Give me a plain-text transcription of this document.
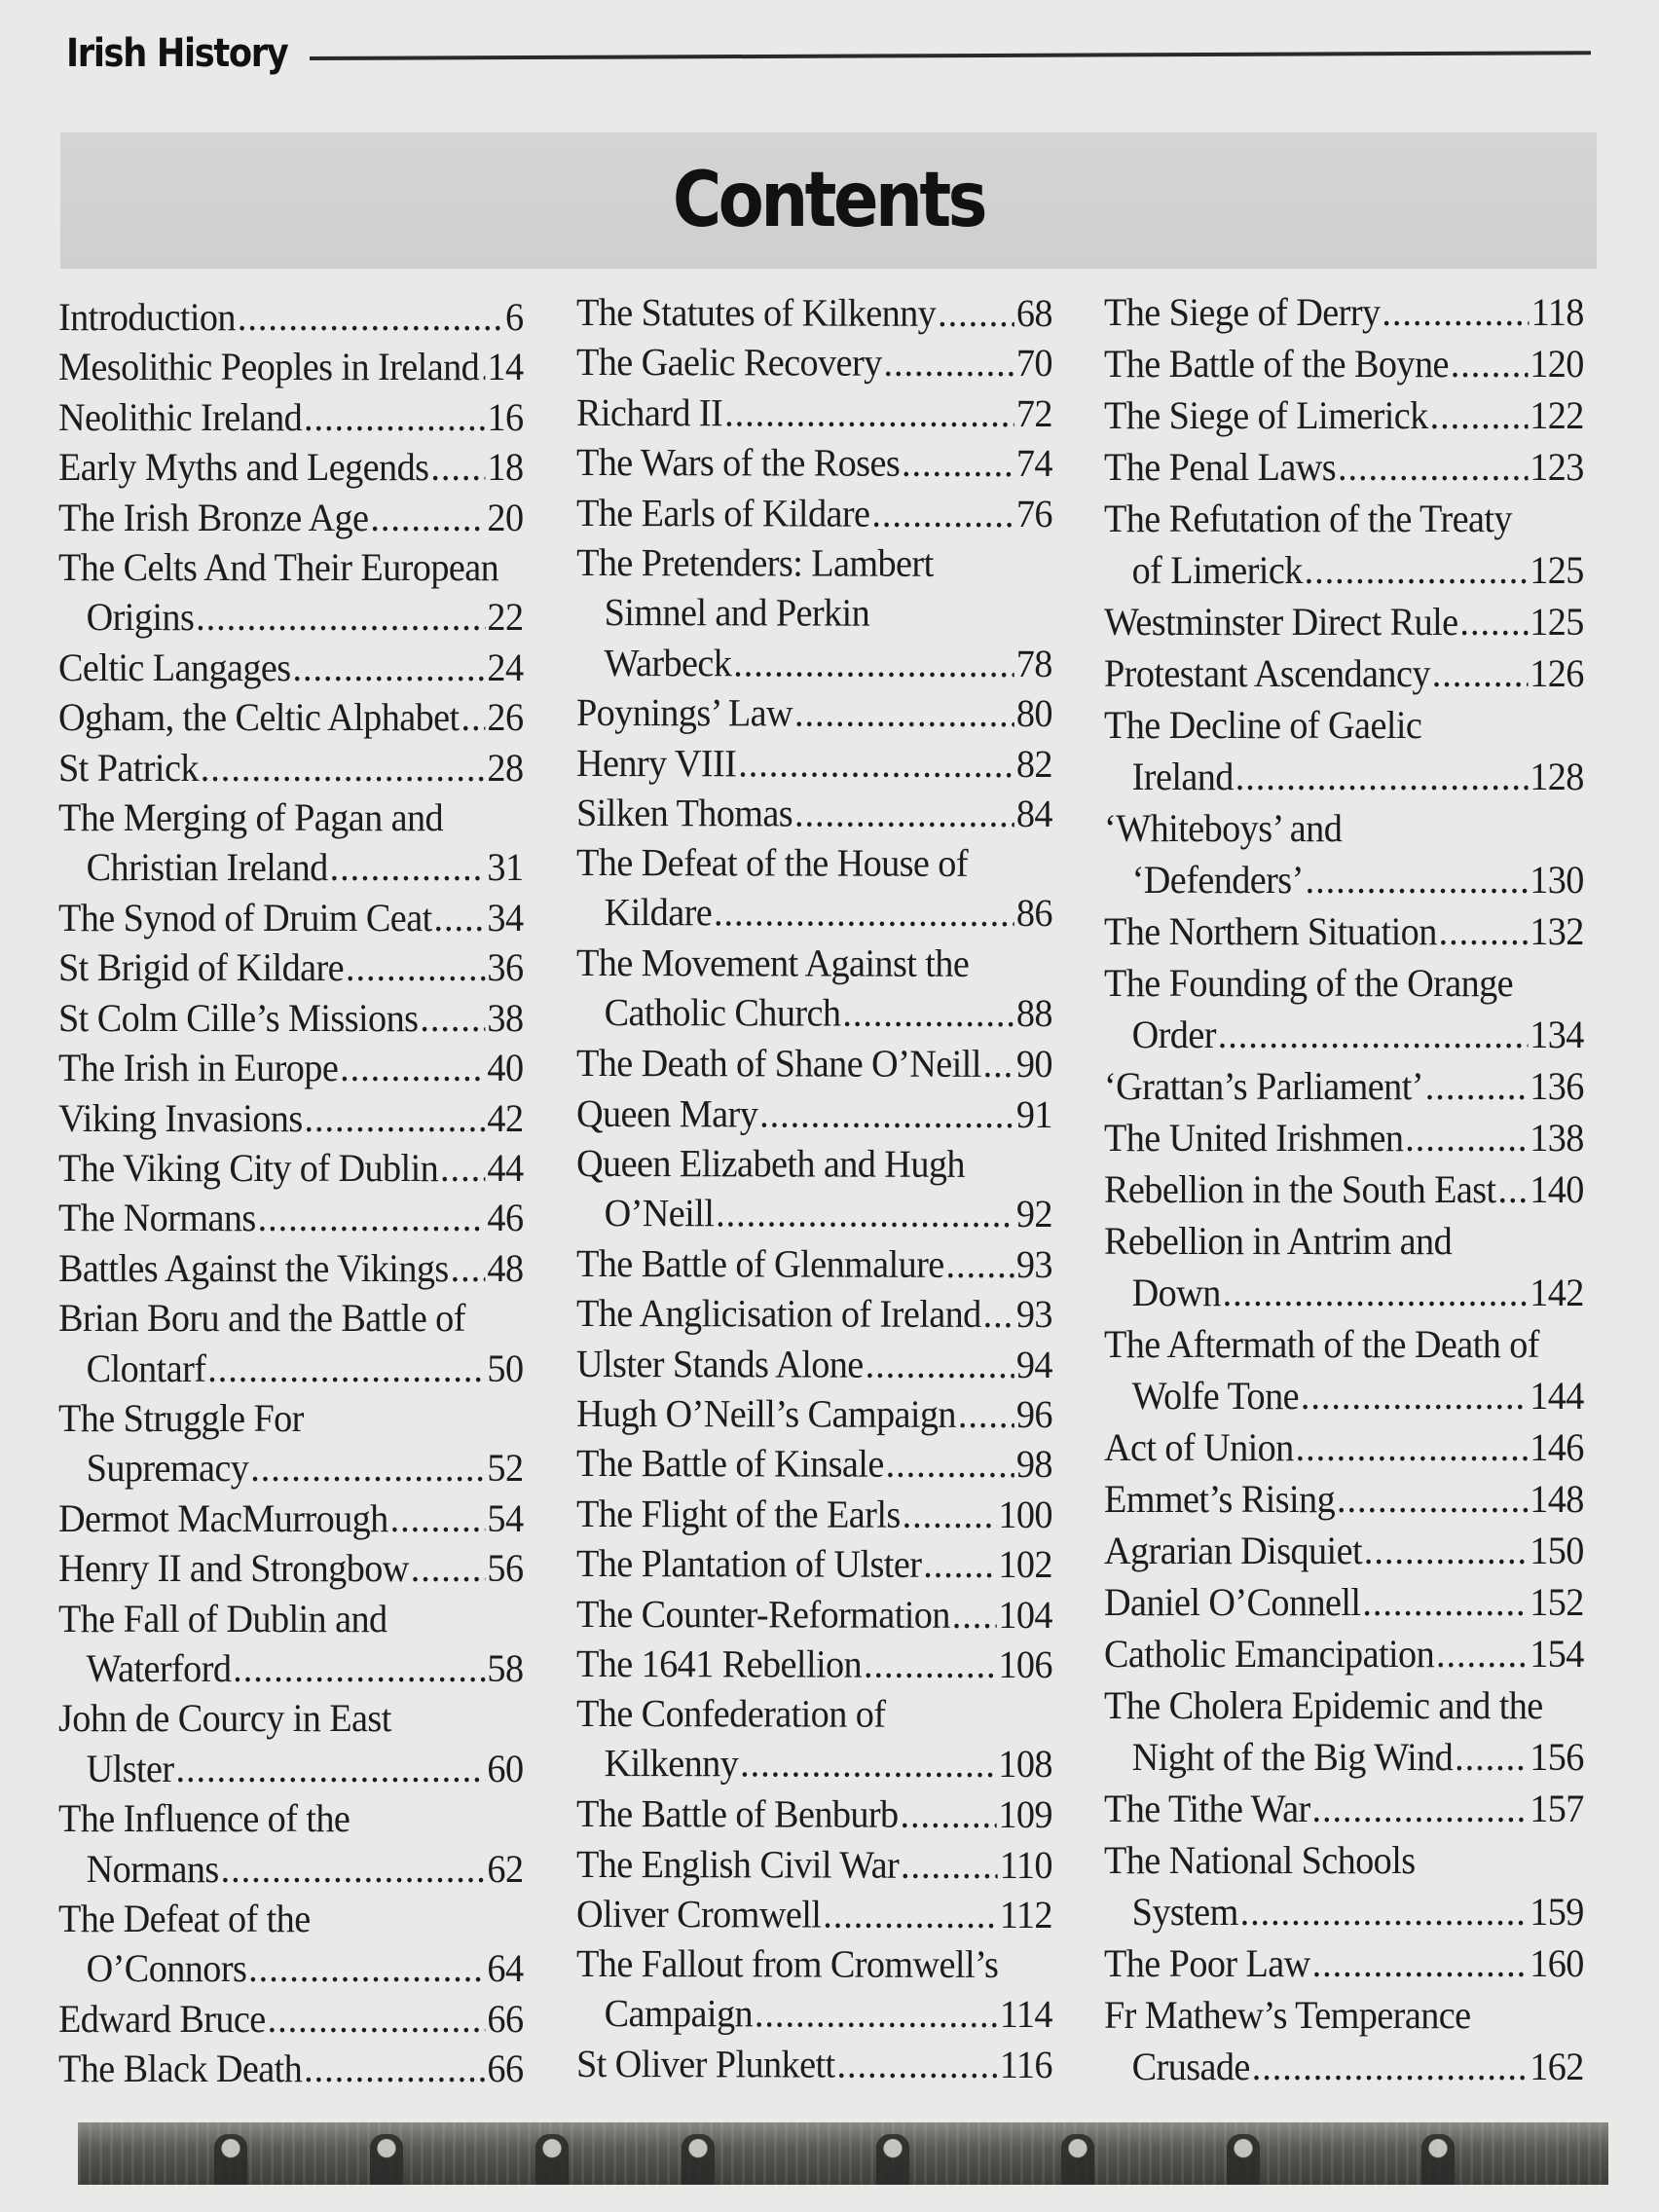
Irish History
Contents
Introduction .....	6
Mesolithic Peoples in Ireland ..... 14
Neolithic Ireland .....	16
Early Myths and Legends ..... 18
The Irish Bronze Age .....	20
The Celts And Their European
Origins .....	22
Celtic Langages .....	24
Ogham, the Celtic Alphabet ..... 26
St Patrick .....	28
The Merging of Pagan and
Christian Ireland .....	31
The Synod of Druim Ceat ..... 34
St Brigid of Kildare .....	36
St Colm Cille’s Missions ..... 38
The Irish in Europe .....	40
Viking Invasions .....	42
The Viking City of Dublin ..... 44
The Normans .....	46
Battles Against the Vikings ..... 48
Brian Boru and the Battle of
Clontarf .....	50
The Struggle For
Supremacy .....	52
Dermot MacMurrough .....	54
Henry II and Strongbow ..... 56
The Fall of Dublin and
Waterford .....	58
John de Courcy in East
Ulster .....	60
The Influence of the
Normans .....	62
The Defeat of the
O’Connors .....	64
Edward Bruce .....	66
The Black Death .....	66
The Statutes of Kilkenny ..... 68
The Gaelic Recovery .....	70
Richard II .....	72
The Wars of the Roses .....	74
The Earls of Kildare .....	76
The Pretenders: Lambert
Simnel and Perkin
Warbeck .....	78
Poynings’ Law .....	80
Henry VIII .....	82
Silken Thomas .....	84
The Defeat of the House of
Kildare .....	86
The Movement Against the
Catholic Church .....	88
The Death of Shane O’Neill ..... 90
Queen Mary .....	91
Queen Elizabeth and Hugh
O’Neill .....	92
The Battle of Glenmalure ..... 93
The Anglicisation of Ireland ..... 93
Ulster Stands Alone .....	94
Hugh O’Neill’s Campaign ..... 96
The Battle of Kinsale .....	98
The Flight of the Earls .....	100
The Plantation of Ulster ..... 102
The Counter-Reformation ..... 104
The 1641 Rebellion .....	106
The Confederation of
Kilkenny .....	108
The Battle of Benburb .....	109
The English Civil War .....	110
Oliver Cromwell .....	112
The Fallout from Cromwell’s
Campaign .....	114
St Oliver Plunkett .....	116
The Siege of Derry .....	118
The Battle of the Boyne ..... 120
The Siege of Limerick .....	122
The Penal Laws .....	123
The Refutation of the Treaty
of Limerick .....	125
Westminster Direct Rule ..... 125
Protestant Ascendancy .....	126
The Decline of Gaelic
Ireland .....	128
‘Whiteboys’ and
‘Defenders’ .....	130
The Northern Situation ..... 132
The Founding of the Orange
Order .....	134
‘Grattan’s Parliament’ .....	136
The United Irishmen .....	138
Rebellion in the South East ..... 140
Rebellion in Antrim and
Down .....	142
The Aftermath of the Death of
Wolfe Tone .....	144
Act of Union .....	146
Emmet’s Rising .....	148
Agrarian Disquiet .....	150
Daniel O’Connell .....	152
Catholic Emancipation ..... 154
The Cholera Epidemic and the
Night of the Big Wind ..... 156
The Tithe War .....	157
The National Schools
System .....	159
The Poor Law .....	160
Fr Mathew’s Temperance
Crusade .....	162
